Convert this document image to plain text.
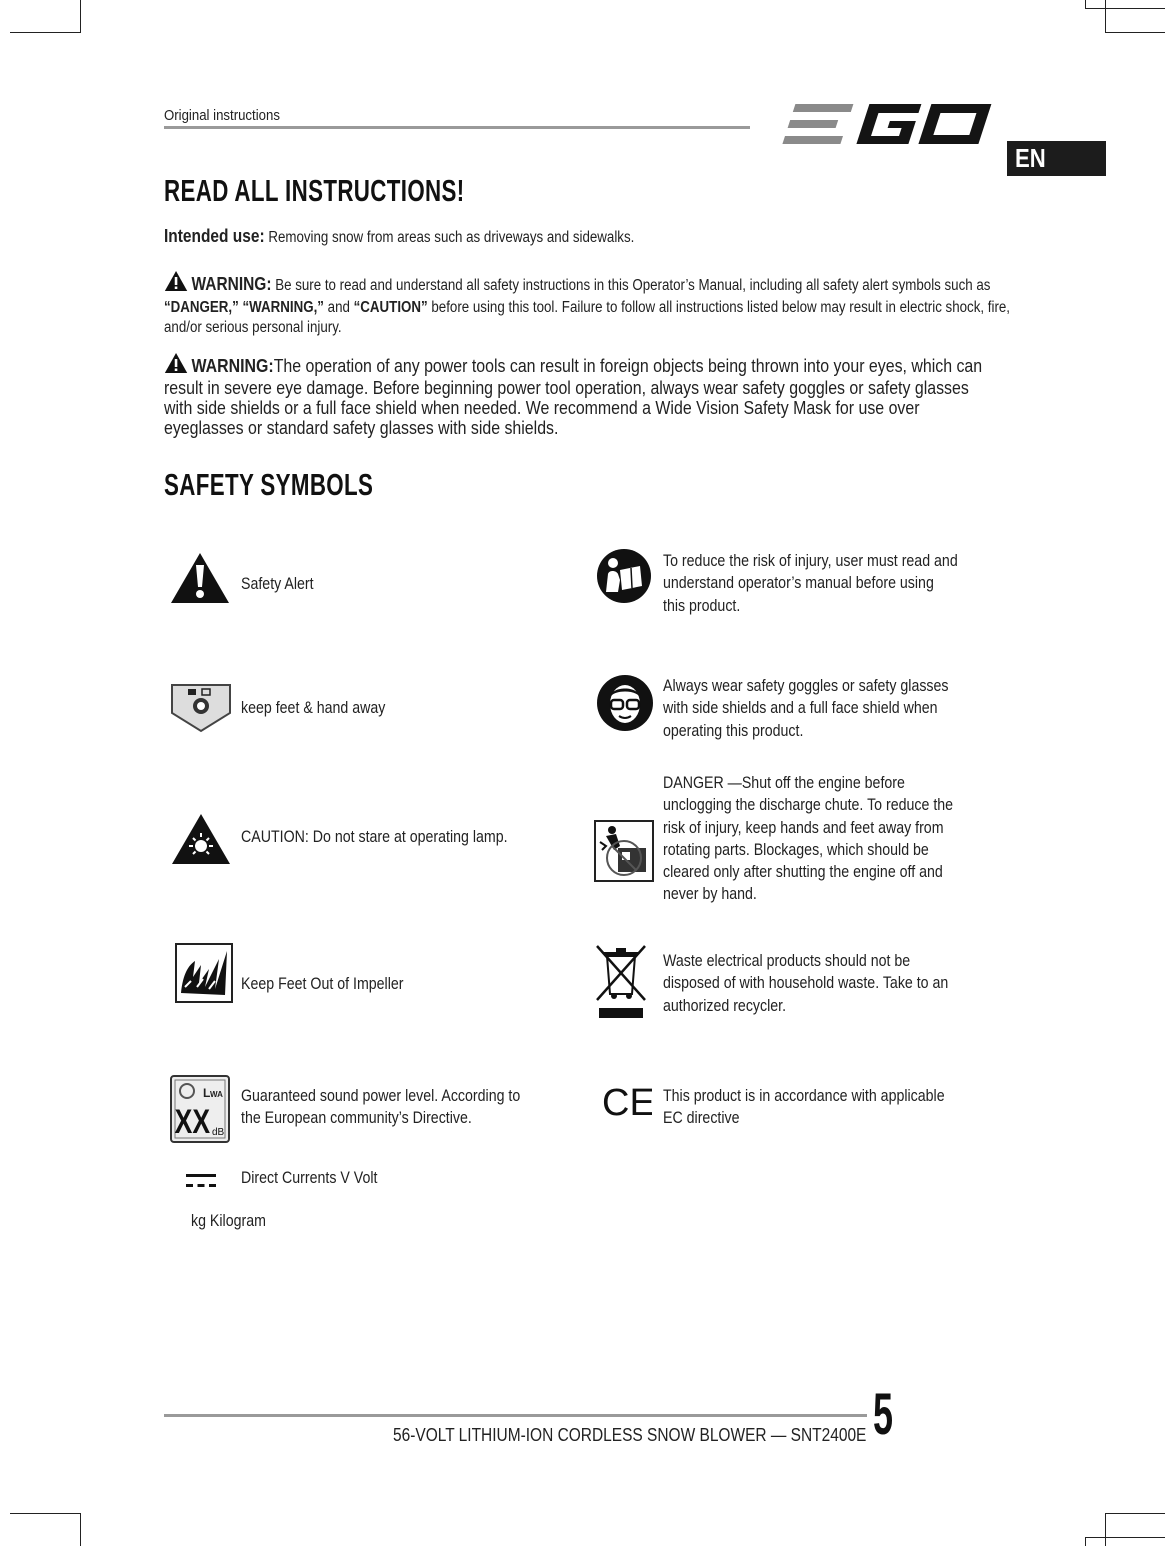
Original instructions
EN
READ ALL INSTRUCTIONS!
Intended use: Removing snow from areas such as driveways and sidewalks.
WARNING: Be sure to read and understand all safety instructions in this Operator’s Manual, including all safety alert symbols such as “DANGER,” “WARNING,” and “CAUTION” before using this tool. Failure to follow all instructions listed below may result in electric shock, fire, and/or serious personal injury.
WARNING:The operation of any power tools can result in foreign objects being thrown into your eyes, which can result in severe eye damage. Before beginning power tool operation, always wear safety goggles or safety glasses with side shields or a full face shield when needed. We recommend a Wide Vision Safety Mask for use over eyeglasses or standard safety glasses with side shields.
SAFETY SYMBOLS
L WA
XX dB
Safety Alert
keep feet & hand away
CAUTION: Do not stare at operating lamp.
Keep Feet Out of Impeller
Guaranteed sound power level. According to
the European community’s Directive.
Direct Currents V Volt
kg Kilogram
CE
To reduce the risk of injury, user must read and
understand operator’s manual before using
this product.
Always wear safety goggles or safety glasses
with side shields and a full face shield when
operating this product.
DANGER —Shut off the engine before
unclogging the discharge chute. To reduce the
risk of injury, keep hands and feet away from
rotating parts. Blockages, which should be
cleared only after shutting the engine off and
never by hand.
Waste electrical products should not be
disposed of with household waste. Take to an
authorized recycler.
This product is in accordance with applicable
EC directive
56-VOLT LITHIUM-ION CORDLESS SNOW BLOWER — SNT2400E 5
